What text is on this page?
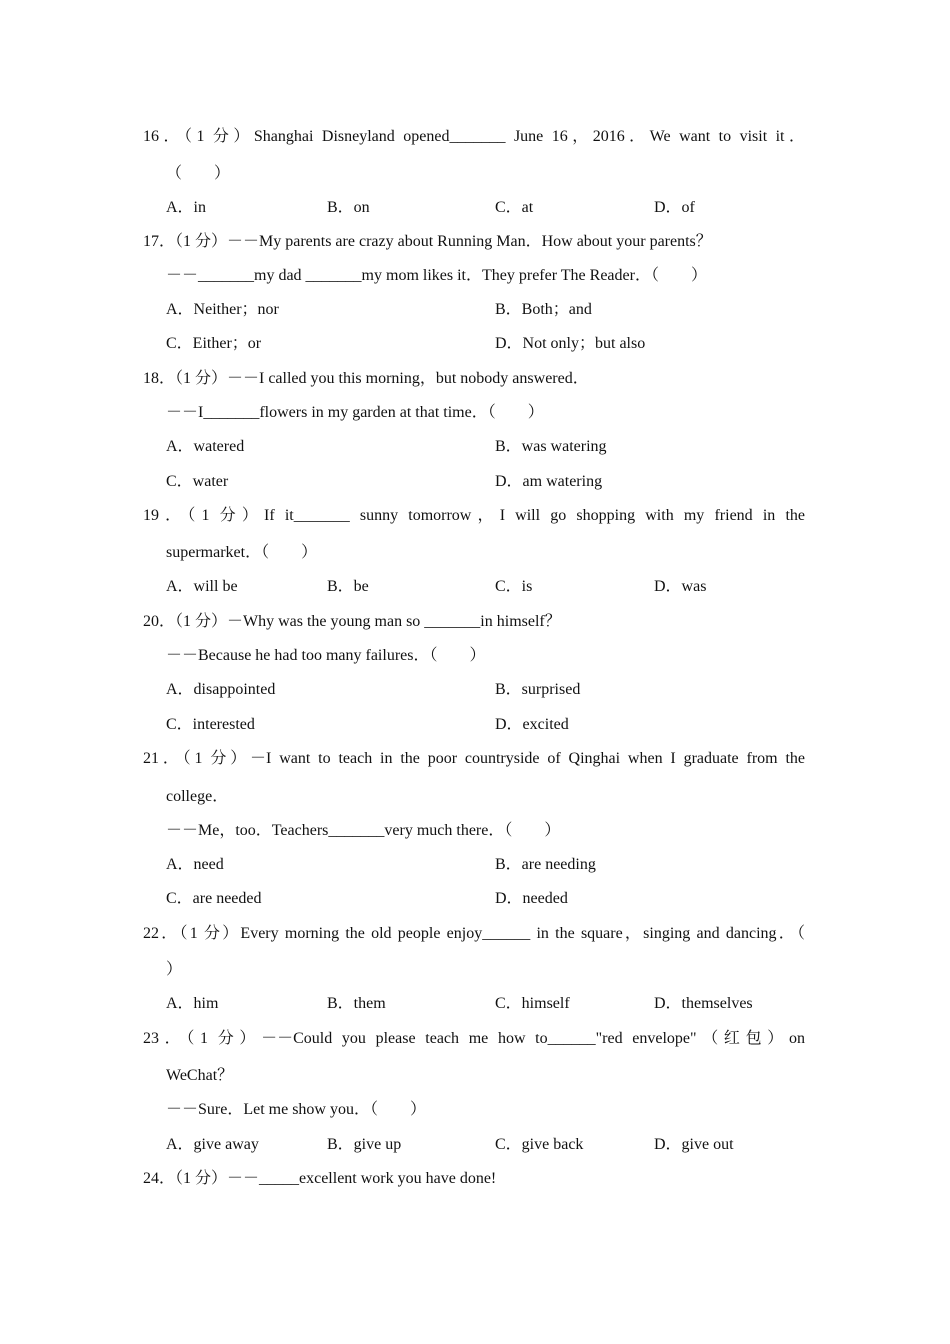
16．（1 分）Shanghai Disneyland opened_______ June 16，2016．We want to visit it．
（　　）
A．in	B．on	C．at	D．of
17．（1 分）－－My parents are crazy about Running Man．How about your parents？
－－_______my dad _______my mom likes it．They prefer The Reader．（　　）
A．Neither；nor	B．Both；and
C．Either；or	D．Not only；but also
18．（1 分）－－I called you this morning，but nobody answered．
－－I_______flowers in my garden at that time．（　　）
A．watered	B．was watering
C．water	D．am watering
19．（1 分）If it_______ sunny tomorrow，I will go shopping with my friend in the
supermarket．（　　）
A．will be	B．be	C．is	D．was
20．（1 分）－Why was the young man so _______in himself？
－－Because he had too many failures．（　　）
A．disappointed	B．surprised
C．interested	D．excited
21．（1 分）－I want to teach in the poor countryside of Qinghai when I graduate from the
college．
－－Me，too．Teachers_______very much there．（　　）
A．need	B．are needing
C．are needed	D．needed
22．（1 分）Every morning the old people enjoy______ in the square，singing and dancing．（
）
A．him	B．them	C．himself	D．themselves
23．（1 分）－－Could you please teach me how to______"red envelope"（红包）on
WeChat？
－－Sure．Let me show you．（　　）
A．give away	B．give up	C．give back	D．give out
24．（1 分）－－_____excellent work you have done!
